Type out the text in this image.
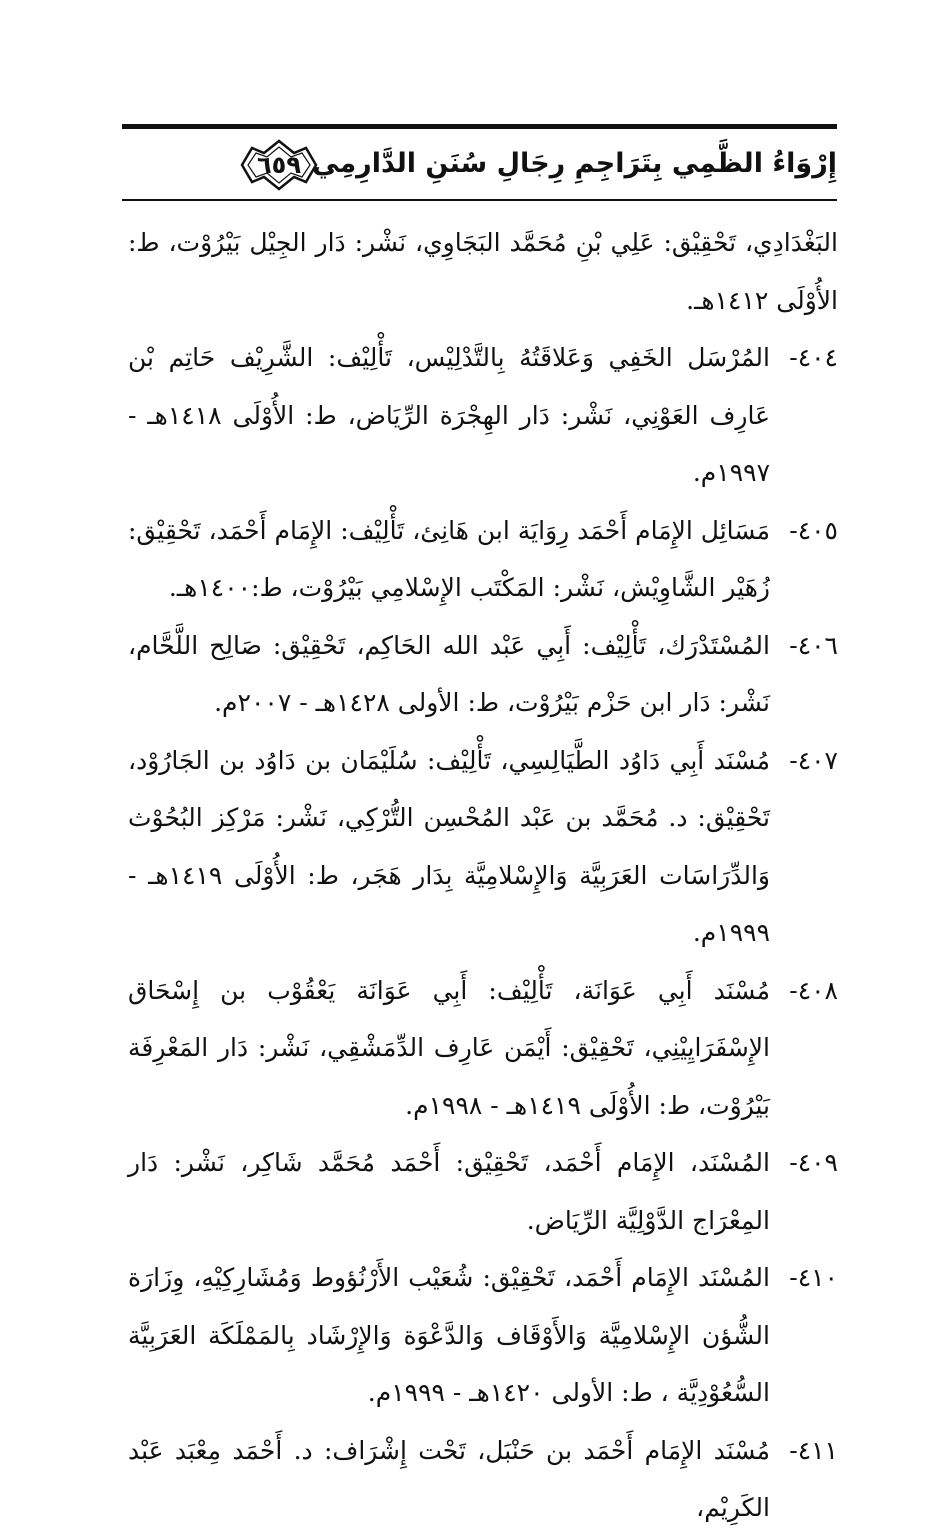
٦٥٩ إِرْوَاءُ الظَّمِي بِتَرَاجِمِ رِجَالِ سُنَنِ الدَّارِمِي
البَغْدَادِي، تَحْقِيْق: عَلِي بْنِ مُحَمَّد البَجَاوِي، نَشْر: دَار الجِيْل بَيْرُوْت، ط: الأُوْلَى ١٤١٢هـ.
٤٠٤-
المُرْسَل الخَفِي وَعَلاقَتُهُ بِالتَّدْلِيْس، تَأْلِيْف: الشَّرِيْف حَاتِم بْن عَارِف العَوْنِي، نَشْر: دَار الهِجْرَة الرِّيَاض، ط: الأُوْلَى ١٤١٨هـ - ١٩٩٧م.
٤٠٥-
مَسَائِل الإِمَام أَحْمَد رِوَايَة ابن هَانِئ، تَأْلِيْف: الإِمَام أَحْمَد، تَحْقِيْق: زُهَيْر الشَّاوِيْش، نَشْر: المَكْتَب الإِسْلامِي بَيْرُوْت، ط:١٤٠٠هـ.
٤٠٦-
المُسْتَدْرَك، تَأْلِيْف: أَبِي عَبْد الله الحَاكِم، تَحْقِيْق: صَالِح اللَّحَّام، نَشْر: دَار ابن حَزْم بَيْرُوْت، ط: الأولى ١٤٢٨هـ - ٢٠٠٧م.
٤٠٧-
مُسْنَد أَبِي دَاوُد الطَّيَالِسِي، تَأْلِيْف: سُلَيْمَان بن دَاوُد بن الجَارُوْد، تَحْقِيْق: د. مُحَمَّد بن عَبْد المُحْسِن التُّرْكِي، نَشْر: مَرْكِز البُحُوْث وَالدِّرَاسَات العَرَبِيَّة وَالإِسْلامِيَّة بِدَار هَجَر، ط: الأُوْلَى ١٤١٩هـ - ١٩٩٩م.
٤٠٨-
مُسْنَد أَبِي عَوَانَة، تَأْلِيْف: أَبِي عَوَانَة يَعْقُوْب بن إِسْحَاق الإِسْفَرَايِيْنِي، تَحْقِيْق: أَيْمَن عَارِف الدِّمَشْقِي، نَشْر: دَار المَعْرِفَة بَيْرُوْت، ط: الأُوْلَى ١٤١٩هـ - ١٩٩٨م.
٤٠٩-
المُسْنَد، الإِمَام أَحْمَد، تَحْقِيْق: أَحْمَد مُحَمَّد شَاكِر، نَشْر: دَار المِعْرَاج الدَّوْلِيَّة الرِّيَاض.
٤١٠-
المُسْنَد الإِمَام أَحْمَد، تَحْقِيْق: شُعَيْب الأَرْنُؤوط وَمُشَارِكِيْهِ، وِزَارَة الشُّؤن الإِسْلامِيَّة وَالأَوْقَاف وَالدَّعْوَة وَالإِرْشَاد بِالمَمْلَكَة العَرَبِيَّة السُّعُوْدِيَّة ، ط: الأولى ١٤٢٠هـ - ١٩٩٩م.
٤١١-
مُسْنَد الإِمَام أَحْمَد بن حَنْبَل، تَحْت إِشْرَاف: د. أَحْمَد مِعْبَد عَبْد الكَرِيْم،
